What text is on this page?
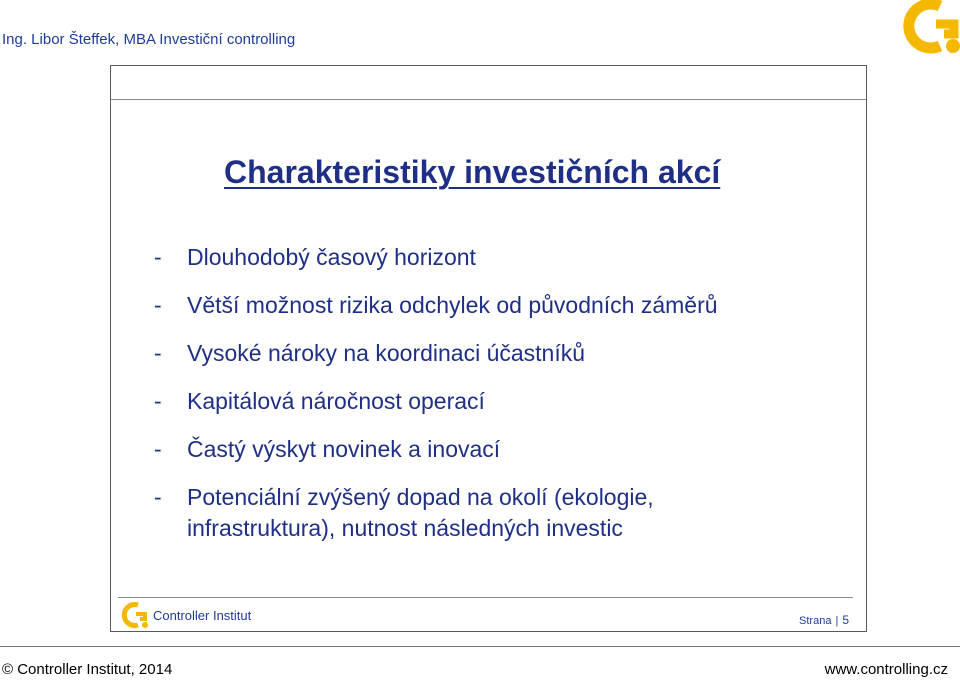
Ing. Libor Šteffek, MBA Investiční controlling
Charakteristiky investičních akcí
-	Dlouhodobý časový horizont
-	Větší možnost rizika odchylek od původních záměrů
-	Vysoké nároky na koordinaci účastníků
-	Kapitálová náročnost operací
-	Častý výskyt novinek a inovací
-	Potenciální zvýšený dopad na okolí (ekologie, infrastruktura), nutnost následných investic
Controller Institut	Strana | 5
© Controller Institut, 2014	www.controlling.cz
